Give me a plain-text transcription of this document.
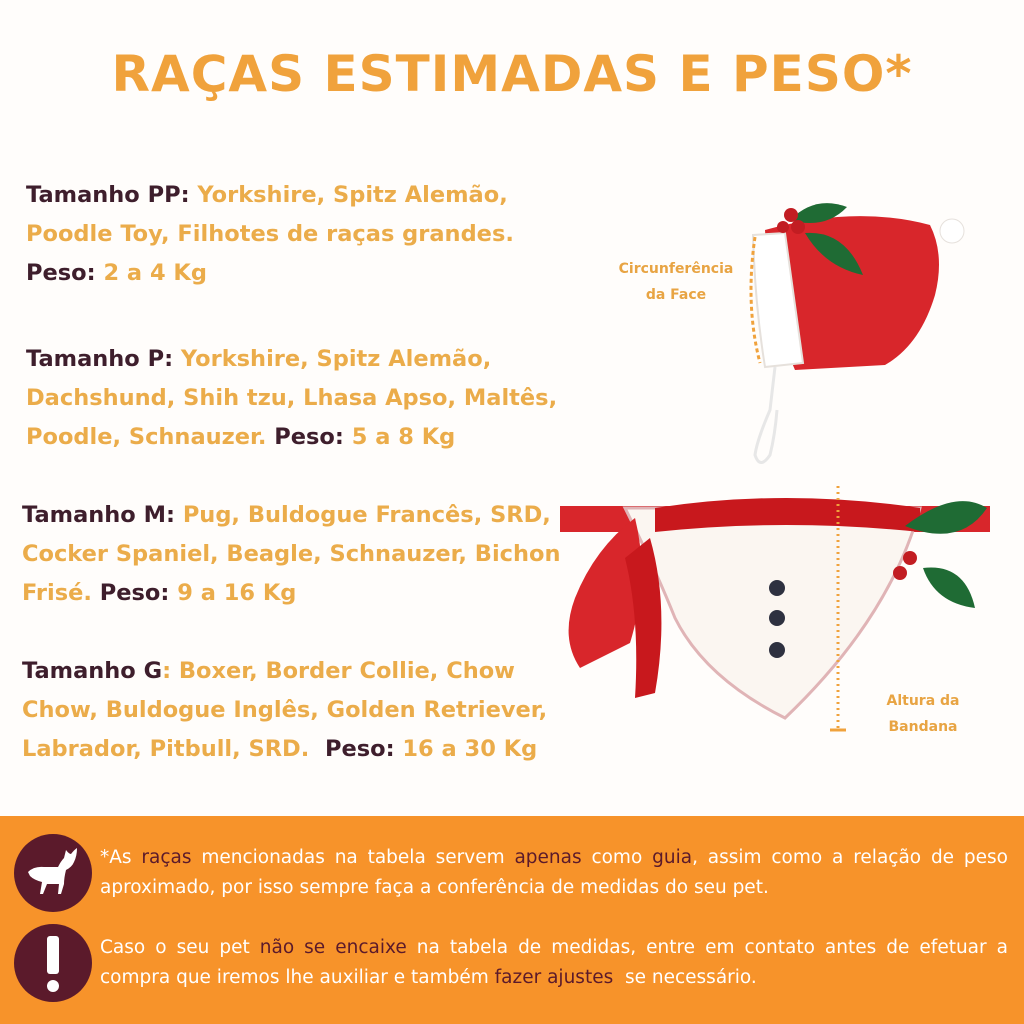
RAÇAS ESTIMADAS E PESO*
Tamanho PP: Yorkshire, Spitz Alemão,
Poodle Toy, Filhotes de raças grandes.
Peso: 2 a 4 Kg
Tamanho P: Yorkshire, Spitz Alemão,
Dachshund, Shih tzu, Lhasa Apso, Maltês,
Poodle, Schnauzer. Peso: 5 a 8 Kg
Tamanho M: Pug, Buldogue Francês, SRD,
Cocker Spaniel, Beagle, Schnauzer, Bichon
Frisé. Peso: 9 a 16 Kg
Tamanho G: Boxer, Border Collie, Chow
Chow, Buldogue Inglês, Golden Retriever,
Labrador, Pitbull, SRD.  Peso: 16 a 30 Kg
Circunferência
da Face
Altura da
Bandana
*As raças mencionadas na tabela servem apenas como guia, assim como a relação de peso aproximado, por isso sempre faça a conferência de medidas do seu pet.
Caso o seu pet não se encaixe na tabela de medidas, entre em contato antes de efetuar a compra que iremos lhe auxiliar e também fazer ajustes  se necessário.
